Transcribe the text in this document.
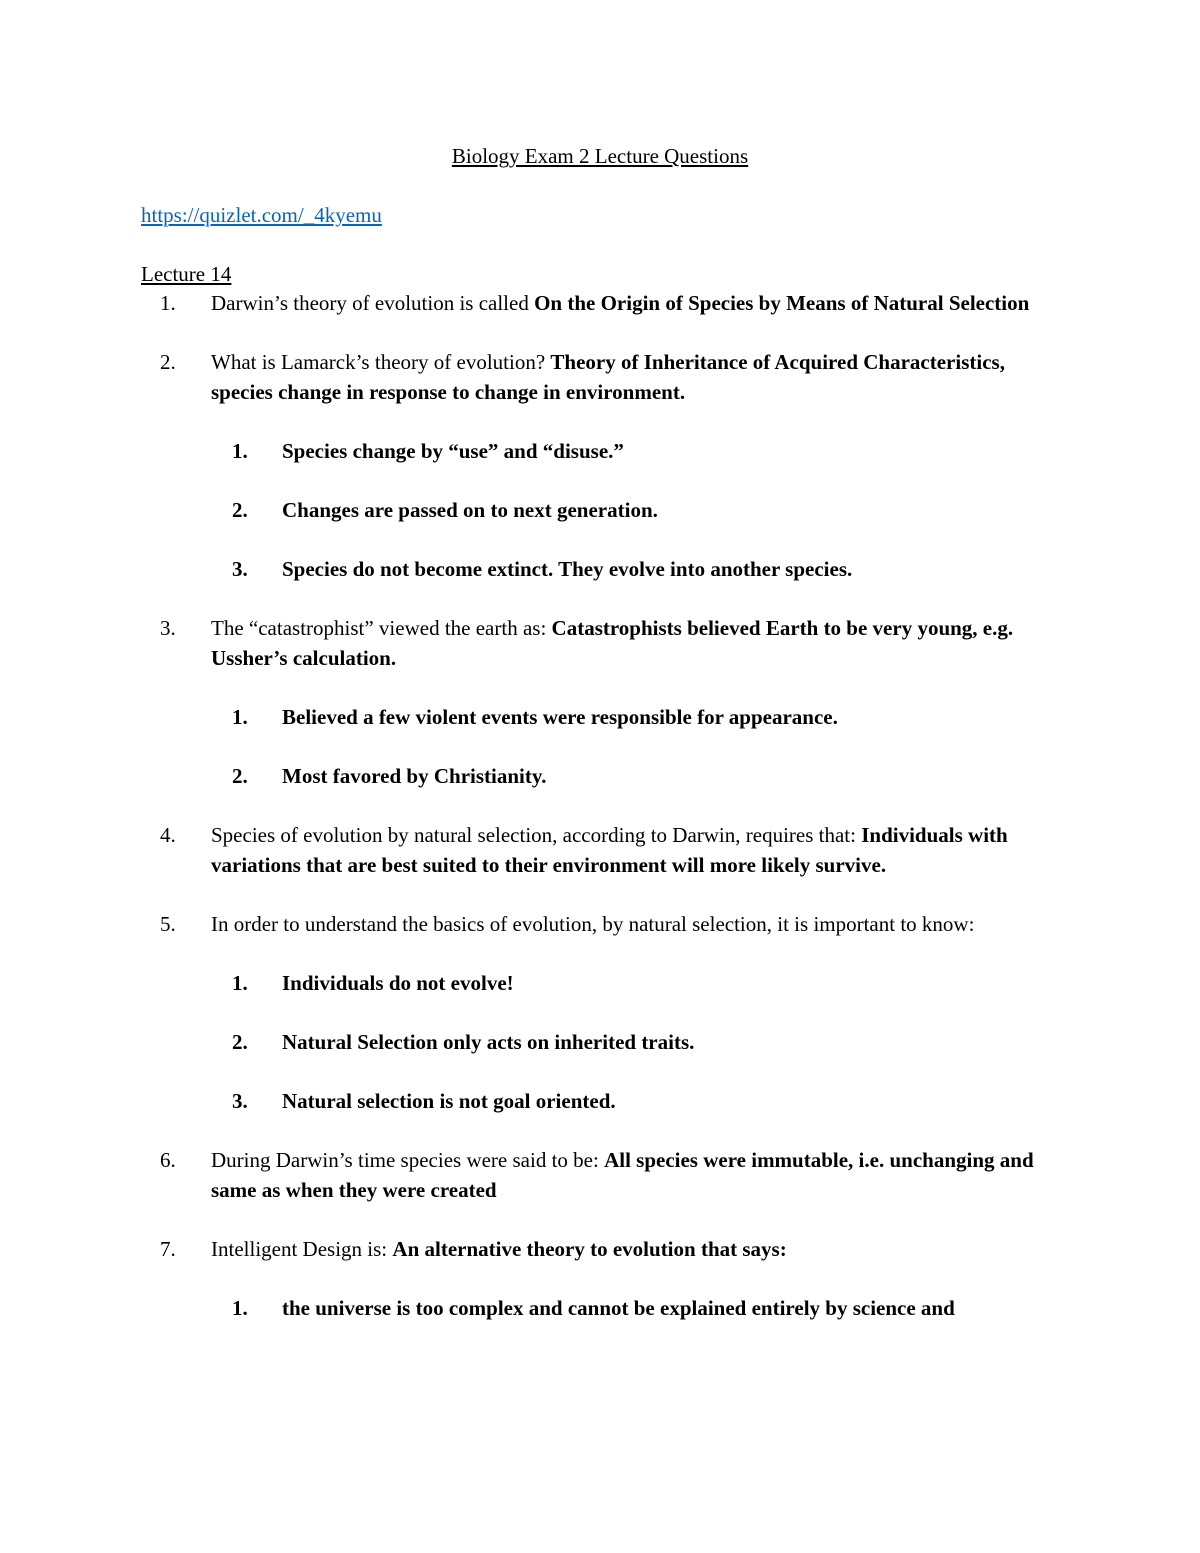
Biology Exam 2 Lecture Questions
https://quizlet.com/_4kyemu
Lecture 14
1. Darwin’s theory of evolution is called On the Origin of Species by Means of Natural Selection
2. What is Lamarck’s theory of evolution? Theory of Inheritance of Acquired Characteristics, species change in response to change in environment.
1. Species change by “use” and “disuse.”
2. Changes are passed on to next generation.
3. Species do not become extinct. They evolve into another species.
3. The “catastrophist” viewed the earth as: Catastrophists believed Earth to be very young, e.g. Ussher’s calculation.
1. Believed a few violent events were responsible for appearance.
2. Most favored by Christianity.
4. Species of evolution by natural selection, according to Darwin, requires that: Individuals with variations that are best suited to their environment will more likely survive.
5. In order to understand the basics of evolution, by natural selection, it is important to know:
1. Individuals do not evolve!
2. Natural Selection only acts on inherited traits.
3. Natural selection is not goal oriented.
6. During Darwin’s time species were said to be: All species were immutable, i.e. unchanging and same as when they were created
7. Intelligent Design is: An alternative theory to evolution that says:
1. the universe is too complex and cannot be explained entirely by science and
